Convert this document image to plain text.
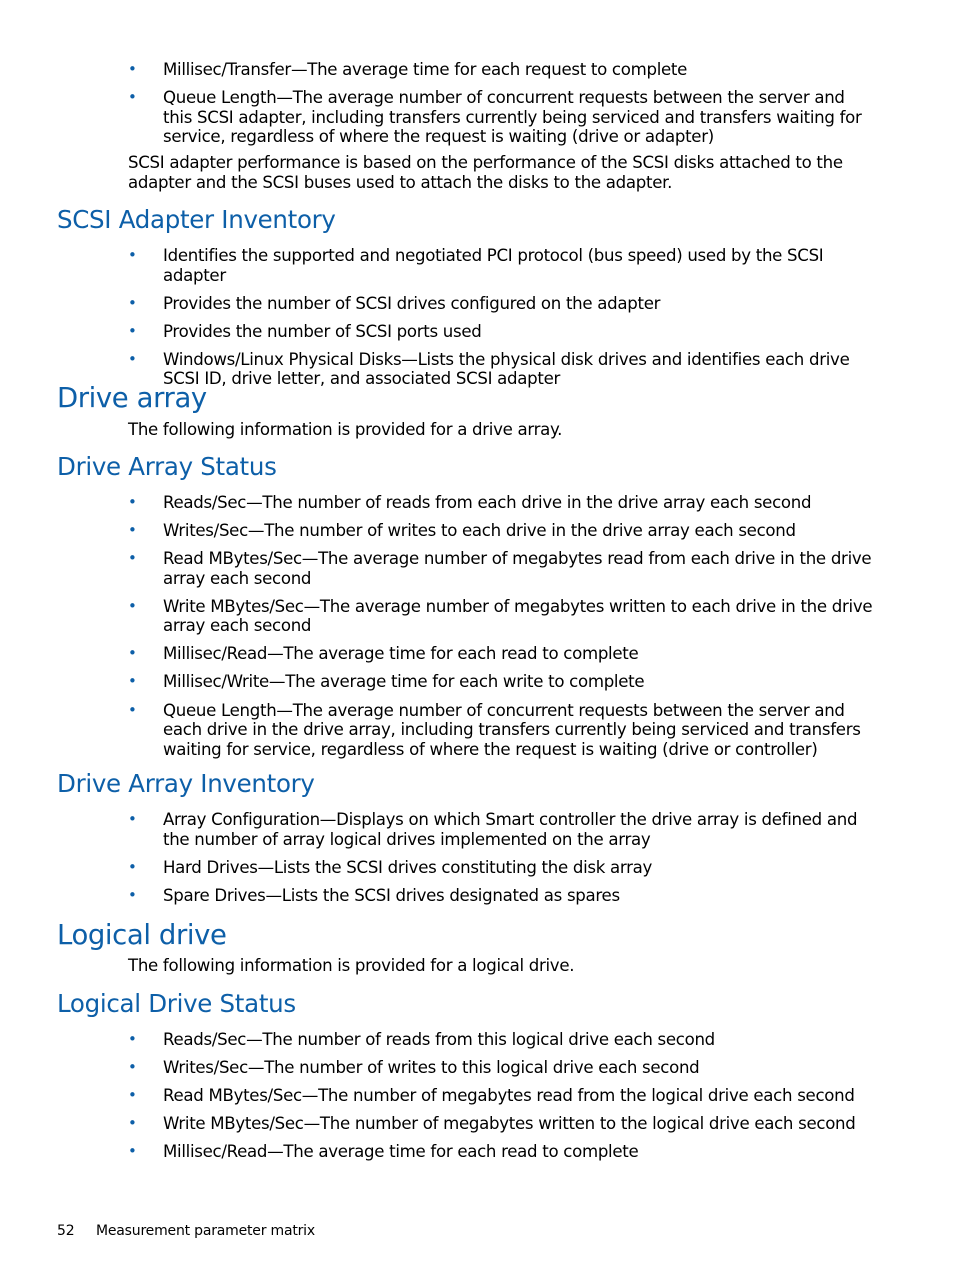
• Millisec/Transfer—The average time for each request to complete
• Queue Length—The average number of concurrent requests between the server and this SCSI adapter, including transfers currently being serviced and transfers waiting for service, regardless of where the request is waiting (drive or adapter)

SCSI adapter performance is based on the performance of the SCSI disks attached to the adapter and the SCSI buses used to attach the disks to the adapter.

SCSI Adapter Inventory
• Identifies the supported and negotiated PCI protocol (bus speed) used by the SCSI adapter
• Provides the number of SCSI drives configured on the adapter
• Provides the number of SCSI ports used
• Windows/Linux Physical Disks—Lists the physical disk drives and identifies each drive SCSI ID, drive letter, and associated SCSI adapter
Drive array

The following information is provided for a drive array.

Drive Array Status
• Reads/Sec—The number of reads from each drive in the drive array each second
• Writes/Sec—The number of writes to each drive in the drive array each second
• Read MBytes/Sec—The average number of megabytes read from each drive in the drive array each second
• Write MBytes/Sec—The average number of megabytes written to each drive in the drive array each second
• Millisec/Read—The average time for each read to complete
• Millisec/Write—The average time for each write to complete
• Queue Length—The average number of concurrent requests between the server and each drive in the drive array, including transfers currently being serviced and transfers waiting for service, regardless of where the request is waiting (drive or controller)
Drive Array Inventory
• Array Configuration—Displays on which Smart controller the drive array is defined and the number of array logical drives implemented on the array
• Hard Drives—Lists the SCSI drives constituting the disk array
• Spare Drives—Lists the SCSI drives designated as spares
Logical drive

The following information is provided for a logical drive.

Logical Drive Status
• Reads/Sec—The number of reads from this logical drive each second
• Writes/Sec—The number of writes to this logical drive each second
• Read MBytes/Sec—The number of megabytes read from the logical drive each second
• Write MBytes/Sec—The number of megabytes written to the logical drive each second
• Millisec/Read—The average time for each read to complete
52 Measurement parameter matrix
